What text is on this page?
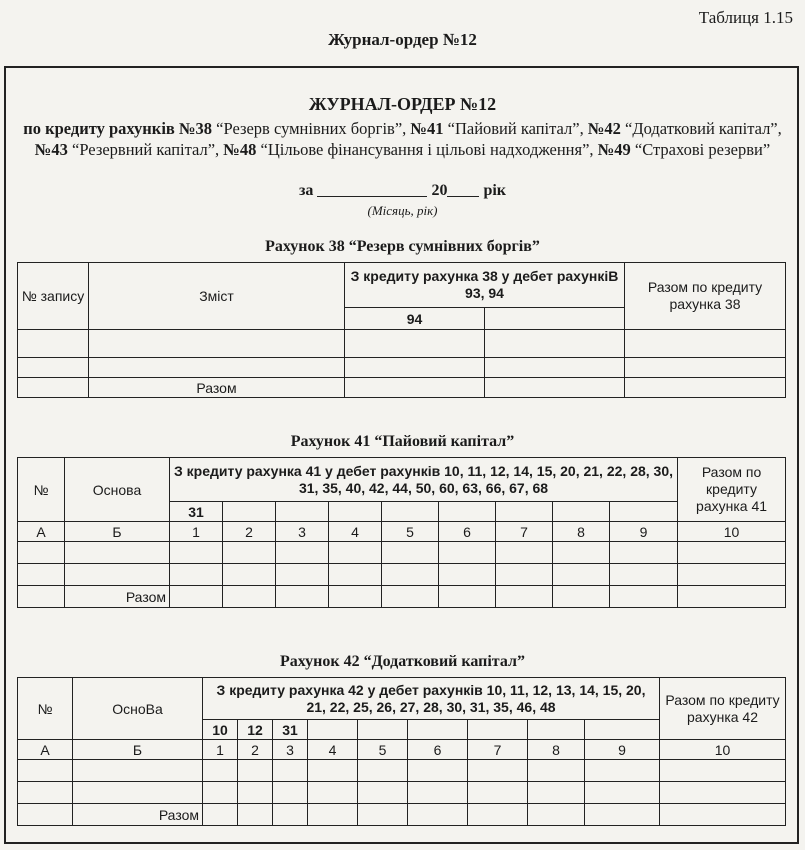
Таблиця 1.15
Журнал-ордер №12
ЖУРНАЛ-ОРДЕР №12
по кредиту рахунків №38 “Резерв сумнівних боргів”, №41 “Пайовий капітал”, №42 “Додатковий капітал”, №43 “Резервний капітал”, №48 “Цільове фінансування і цільові надходження”, №49 “Страхові резерви”
за	20 рік
(Місяць, рік)
Рахунок 38 “Резерв сумнівних боргів”
№ запису	Зміст	З кредиту рахунка 38 у дебет рахункіВ 93, 94		Разом по кредиту рахунка 38
		94		

	Разом			
Рахунок 41 “Пайовий капітал”
№	Основа	З кредиту рахунка 41 у дебет рахунків 10, 11, 12, 14, 15, 20, 21, 22, 28, 30, 31, 35, 40, 42, 44, 50, 60, 63, 66, 67, 68									Разом по кредиту рахунка 41
		31									
А	Б	1	2	3	4	5	6	7	8	9	10

	Разом										
Рахунок 42 “Додатковий капітал”
№	ОсноВа	З кредиту рахунка 42 у дебет рахунків 10, 11, 12, 13, 14, 15, 20, 21, 22, 25, 26, 27, 28, 30, 31, 35, 46, 48									Разом по кредиту рахунка 42
		10	12	31							
А	Б	1	2	3	4	5	6	7	8	9	10

	Разом										
